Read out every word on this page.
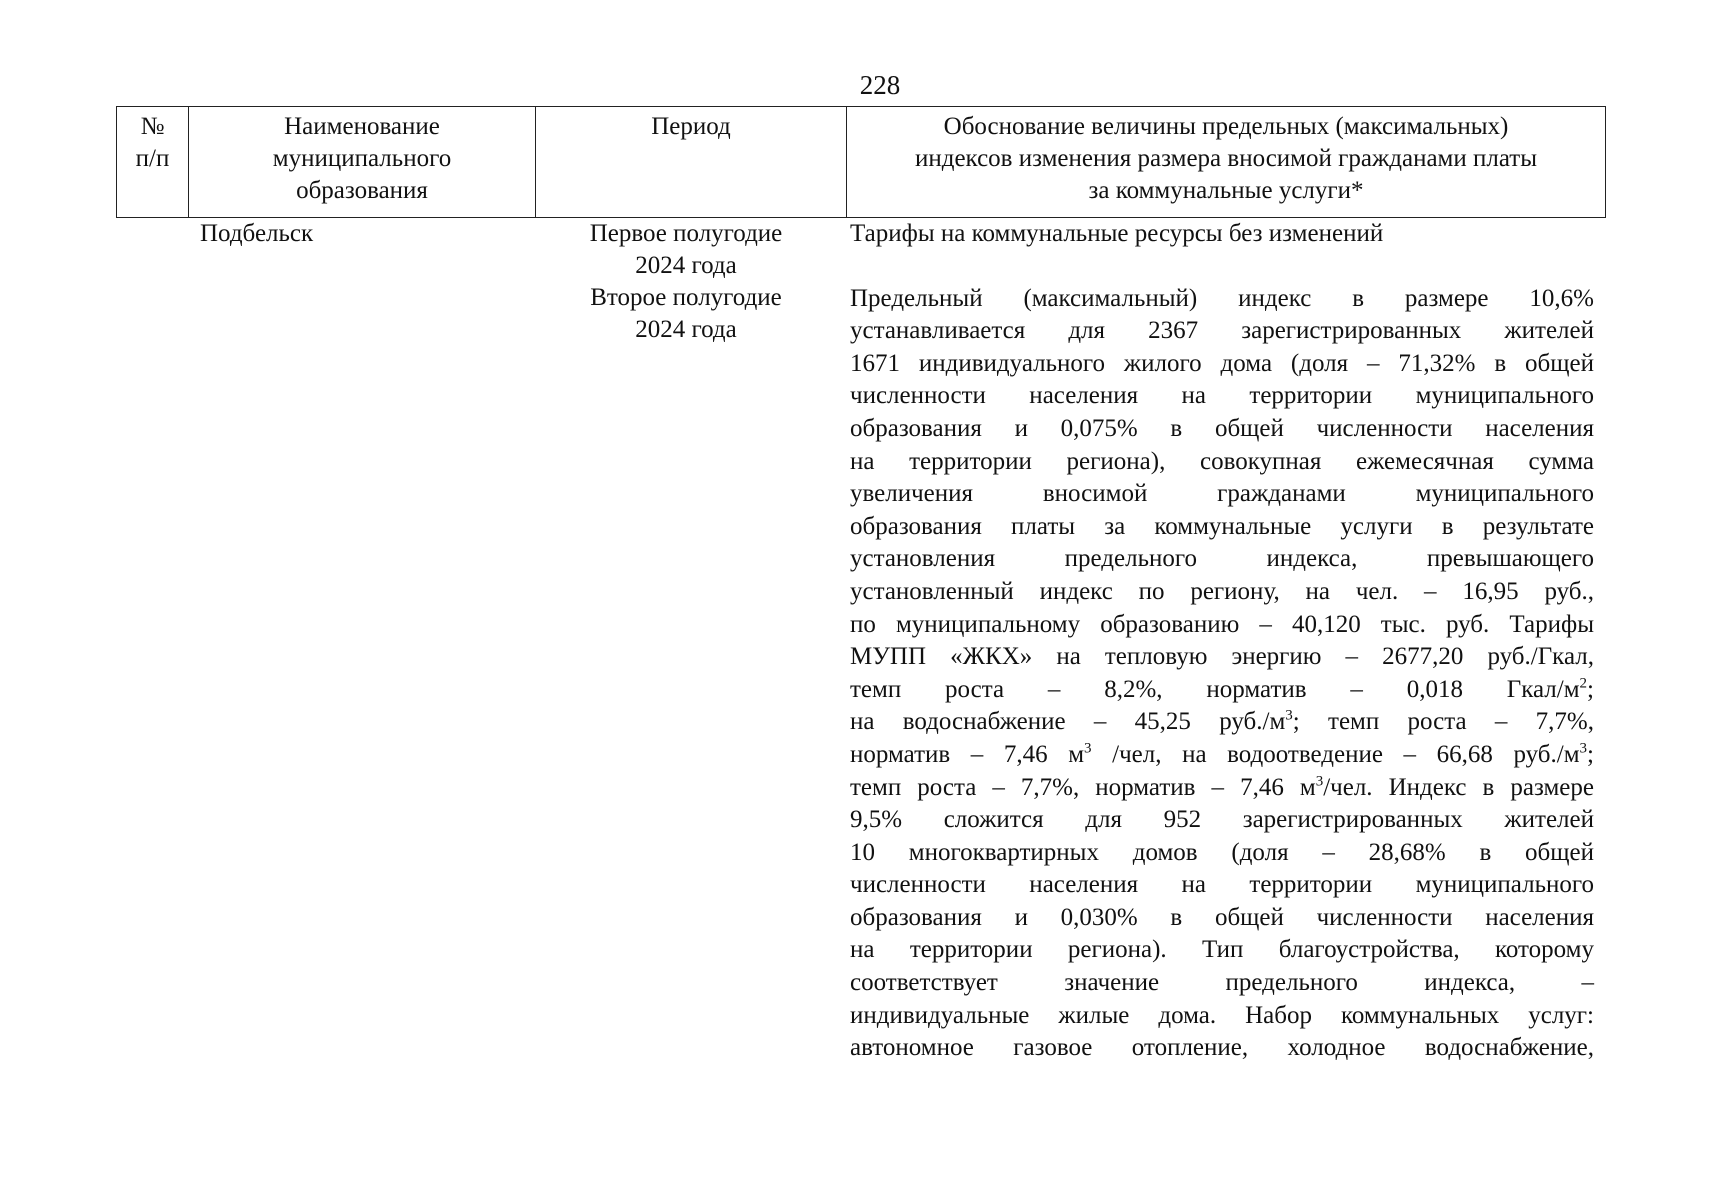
228
№
п/п
Наименование
муниципального
образования
Период	Обоснование величины предельных (максимальных)
индексов изменения размера вносимой гражданами платы
за коммунальные услуги*
Подбельск	Первое полугодие
2024 года
Второе полугодие
2024 года
Тарифы на коммунальные ресурсы без изменений
Предельный (максимальный) индекс в размере 10,6%
устанавливается для 2367 зарегистрированных жителей
1671 индивидуального жилого дома (доля – 71,32% в общей
численности населения на территории муниципального
образования и 0,075% в общей численности населения
на территории региона), совокупная ежемесячная сумма
увеличения вносимой гражданами муниципального
образования платы за коммунальные услуги в результате
установления предельного индекса, превышающего
установленный индекс по региону, на чел. – 16,95 руб.,
по муниципальному образованию – 40,120 тыс. руб. Тарифы
МУПП «ЖКХ» на тепловую энергию – 2677,20 руб./Гкал,
темп роста – 8,2%, норматив – 0,018 Гкал/$м^2$;
на водоснабжение – 45,25 $руб./м^3$; темп роста – 7,7%,
норматив – 7,46 $м^3$ /чел, на водоотведение – 66,68 $руб./м^3$;
темп роста – 7,7%, норматив – 7,46 $м^3$/чел. Индекс в размере
9,5% сложится для 952 зарегистрированных жителей
10 многоквартирных домов (доля – 28,68% в общей
численности населения на территории муниципального
образования и 0,030% в общей численности населения
на территории региона). Тип благоустройства, которому
соответствует значение предельного индекса, –
индивидуальные жилые дома. Набор коммунальных услуг:
автономное газовое отопление, холодное водоснабжение,
